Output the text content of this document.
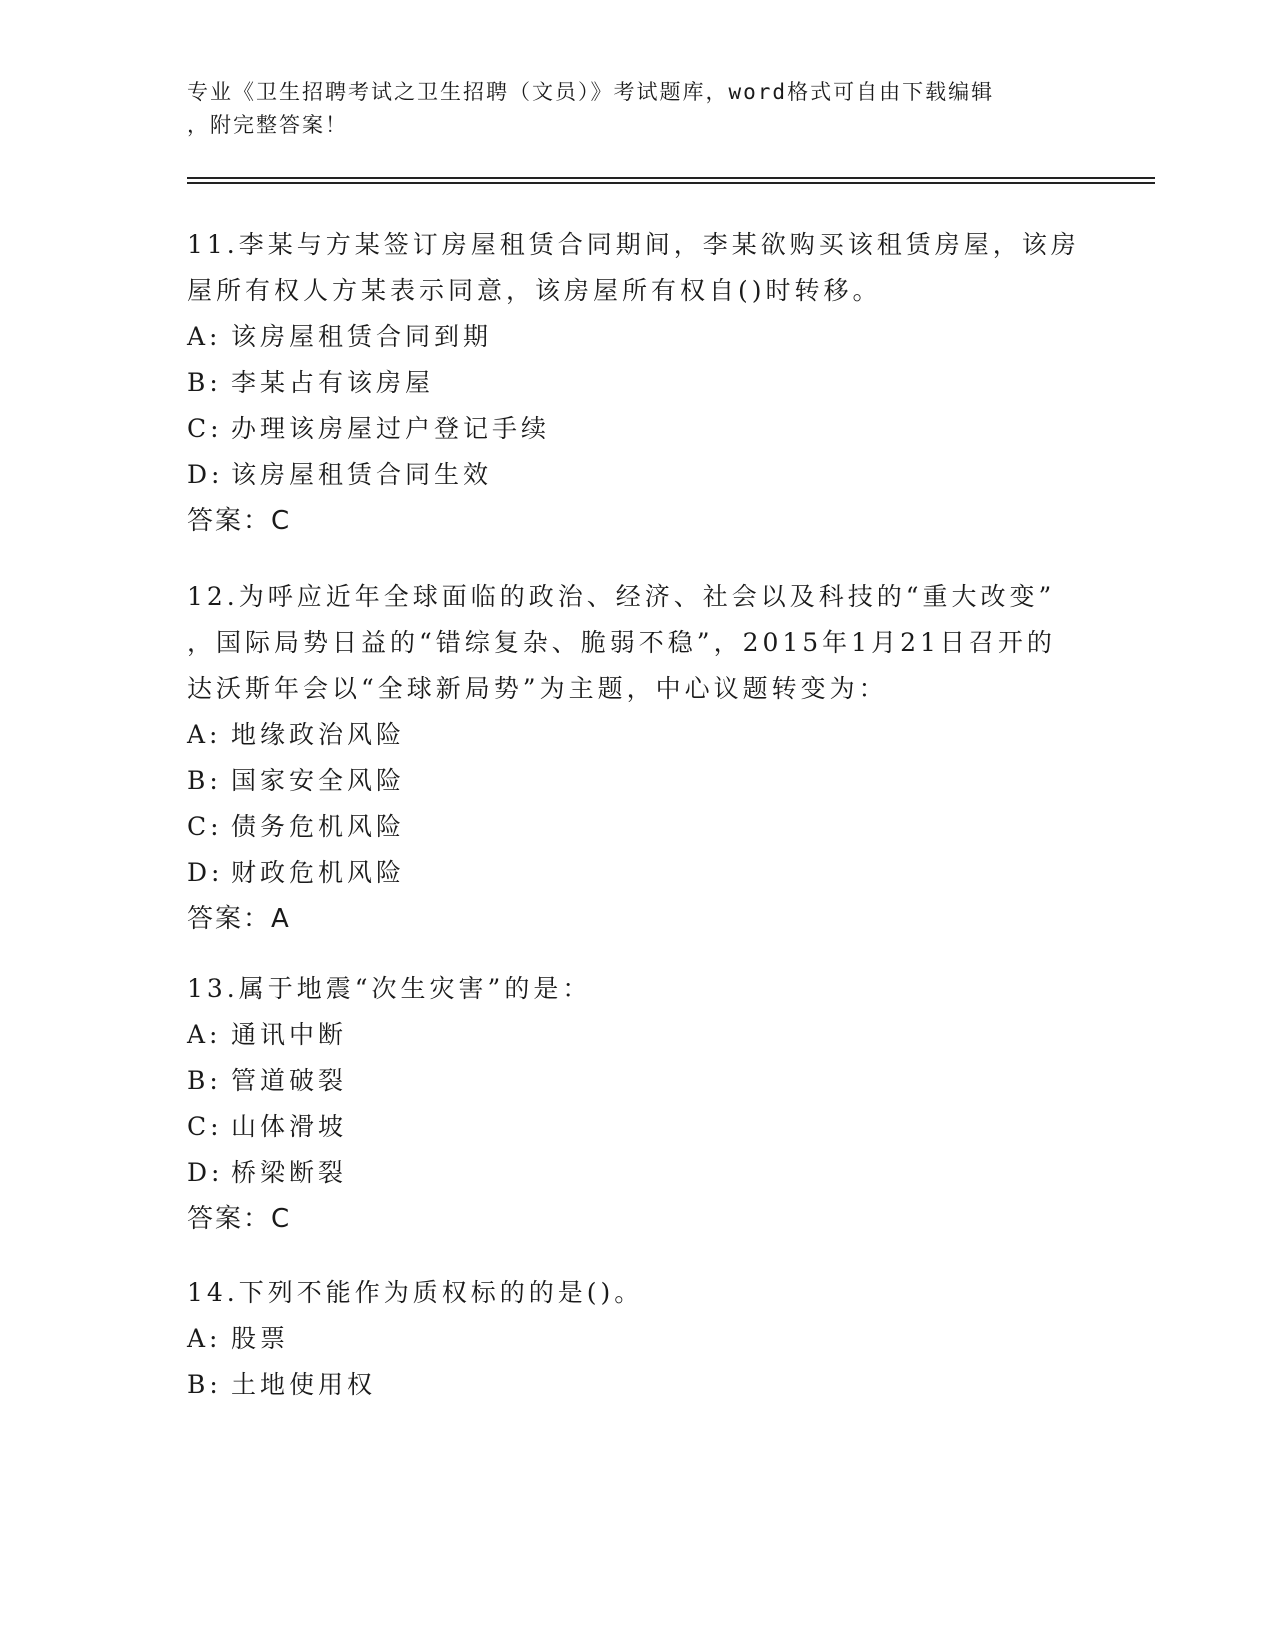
专业《卫生招聘考试之卫生招聘（文员）》考试题库，word格式可自由下载编辑
，附完整答案！
11.李某与方某签订房屋租赁合同期间，李某欲购买该租赁房屋，该房
屋所有权人方某表示同意，该房屋所有权自()时转移。
A: 该房屋租赁合同到期
B: 李某占有该房屋
C: 办理该房屋过户登记手续
D: 该房屋租赁合同生效
答案：C
12.为呼应近年全球面临的政治、经济、社会以及科技的“重大改变”
，国际局势日益的“错综复杂、脆弱不稳”，2015年1月21日召开的
达沃斯年会以“全球新局势”为主题，中心议题转变为：
A: 地缘政治风险
B: 国家安全风险
C: 债务危机风险
D: 财政危机风险
答案：A
13.属于地震“次生灾害”的是：
A: 通讯中断
B: 管道破裂
C: 山体滑坡
D: 桥梁断裂
答案：C
14.下列不能作为质权标的的是()。
A: 股票
B: 土地使用权
